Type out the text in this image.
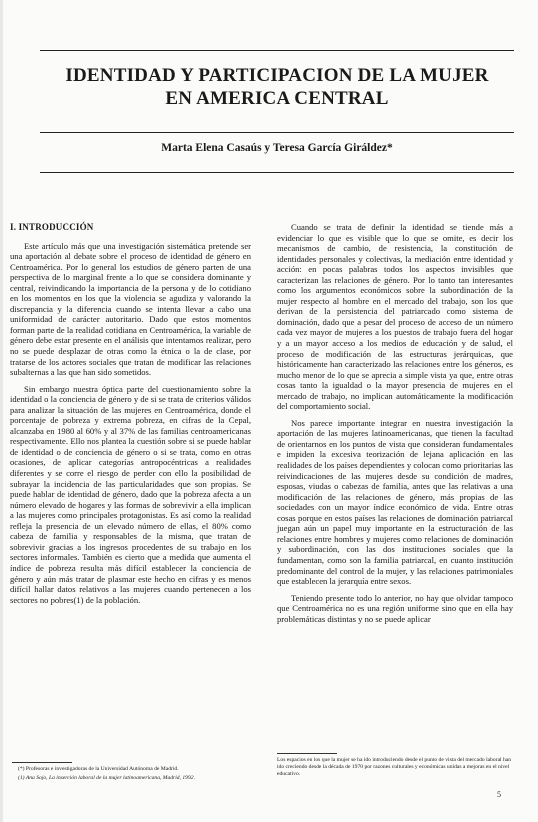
IDENTIDAD Y PARTICIPACION DE LA MUJER
EN AMERICA CENTRAL
Marta Elena Casaús y Teresa García Giráldez*
I. INTRODUCCIÓN

Este artículo más que una investigación sistemática pretende ser una aportación al debate sobre el proceso de identidad de género en Centroamérica. Por lo general los estudios de género parten de una perspectiva de lo marginal frente a lo que se considera dominante y central, reivindicando la importancia de la persona y de lo cotidiano en los momentos en los que la violencia se agudiza y valorando la discrepancia y la diferencia cuando se intenta llevar a cabo una uniformidad de carácter autoritario. Dado que estos momentos forman parte de la realidad cotidiana en Centroamérica, la variable de género debe estar presente en el análisis que intentamos realizar, pero no se puede desplazar de otras como la étnica o la de clase, por tratarse de los actores sociales que tratan de modificar las relaciones subalternas a las que han sido sometidos.

Sin embargo nuestra óptica parte del cuestionamiento sobre la identidad o la conciencia de género y de si se trata de criterios válidos para analizar la situación de las mujeres en Centroamérica, donde el porcentaje de pobreza y extrema pobreza, en cifras de la Cepal, alcanzaba en 1980 al 60% y al 37% de las familias centroamericanas respectivamente. Ello nos plantea la cuestión sobre si se puede hablar de identidad o de conciencia de género o si se trata, como en otras ocasiones, de aplicar categorías antropocéntricas a realidades diferentes y se corre el riesgo de perder con ello la posibilidad de subrayar la incidencia de las particularidades que son propias. Se puede hablar de identidad de género, dado que la pobreza afecta a un número elevado de hogares y las formas de sobrevivir a ella implican a las mujeres como principales protagonistas. Es así como la realidad refleja la presencia de un elevado número de ellas, el 80% como cabeza de familia y responsables de la misma, que tratan de sobrevivir gracias a los ingresos procedentes de su trabajo en los sectores informales. También es cierto que a medida que aumenta el índice de pobreza resulta más difícil establecer la conciencia de género y aún más tratar de plasmar este hecho en cifras y es menos difícil hallar datos relativos a las mujeres cuando pertenecen a los sectores no pobres(1) de la población.

Cuando se trata de definir la identidad se tiende más a evidenciar lo que es visible que lo que se omite, es decir los mecanismos de cambio, de resistencia, la constitución de identidades personales y colectivas, la mediación entre identidad y acción: en pocas palabras todos los aspectos invisibles que caracterizan las relaciones de género. Por lo tanto tan interesantes como los argumentos económicos sobre la subordinación de la mujer respecto al hombre en el mercado del trabajo, son los que derivan de la persistencia del patriarcado como sistema de dominación, dado que a pesar del proceso de acceso de un número cada vez mayor de mujeres a los puestos de trabajo fuera del hogar y a un mayor acceso a los medios de educación y de salud, el proceso de modificación de las estructuras jerárquicas, que históricamente han caracterizado las relaciones entre los géneros, es mucho menor de lo que se aprecia a simple vista ya que, entre otras cosas tanto la igualdad o la mayor presencia de mujeres en el mercado de trabajo, no implican automáticamente la modificación del comportamiento social.

Nos parece importante integrar en nuestra investigación la aportación de las mujeres latinoamericanas, que tienen la facultad de orientarnos en los puntos de vista que consideran fundamentales e impiden la excesiva teorización de lejana aplicación en las realidades de los países dependientes y colocan como prioritarias las reivindicaciones de las mujeres desde su condición de madres, esposas, viudas o cabezas de familia, antes que las relativas a una modificación de las relaciones de género, más propias de las sociedades con un mayor índice económico de vida. Entre otras cosas porque en estos países las relaciones de dominación patriarcal juegan aún un papel muy importante en la estructuración de las relaciones entre hombres y mujeres como relaciones de dominación y subordinación, con las dos instituciones sociales que la fundamentan, como son la familia patriarcal, en cuanto institución predominante del control de la mujer, y las relaciones patrimoniales que establecen la jerarquía entre sexos.

Teniendo presente todo lo anterior, no hay que olvidar tampoco que Centroamérica no es una región uniforme sino que en ella hay problemáticas distintas y no se puede aplicar

(*) Profesoras e investigadoras de la Universidad Autónoma de Madrid.
(1) Ana Sojo, La inserción laboral de la mujer latinoamericana, Madrid, 1992.
Los espacios en los que la mujer se ha ido introduciendo desde el punto de vista del mercado laboral han ido creciendo desde la década de 1970 por razones culturales y económicas unidas a mejoras en el nivel educativo.
5
